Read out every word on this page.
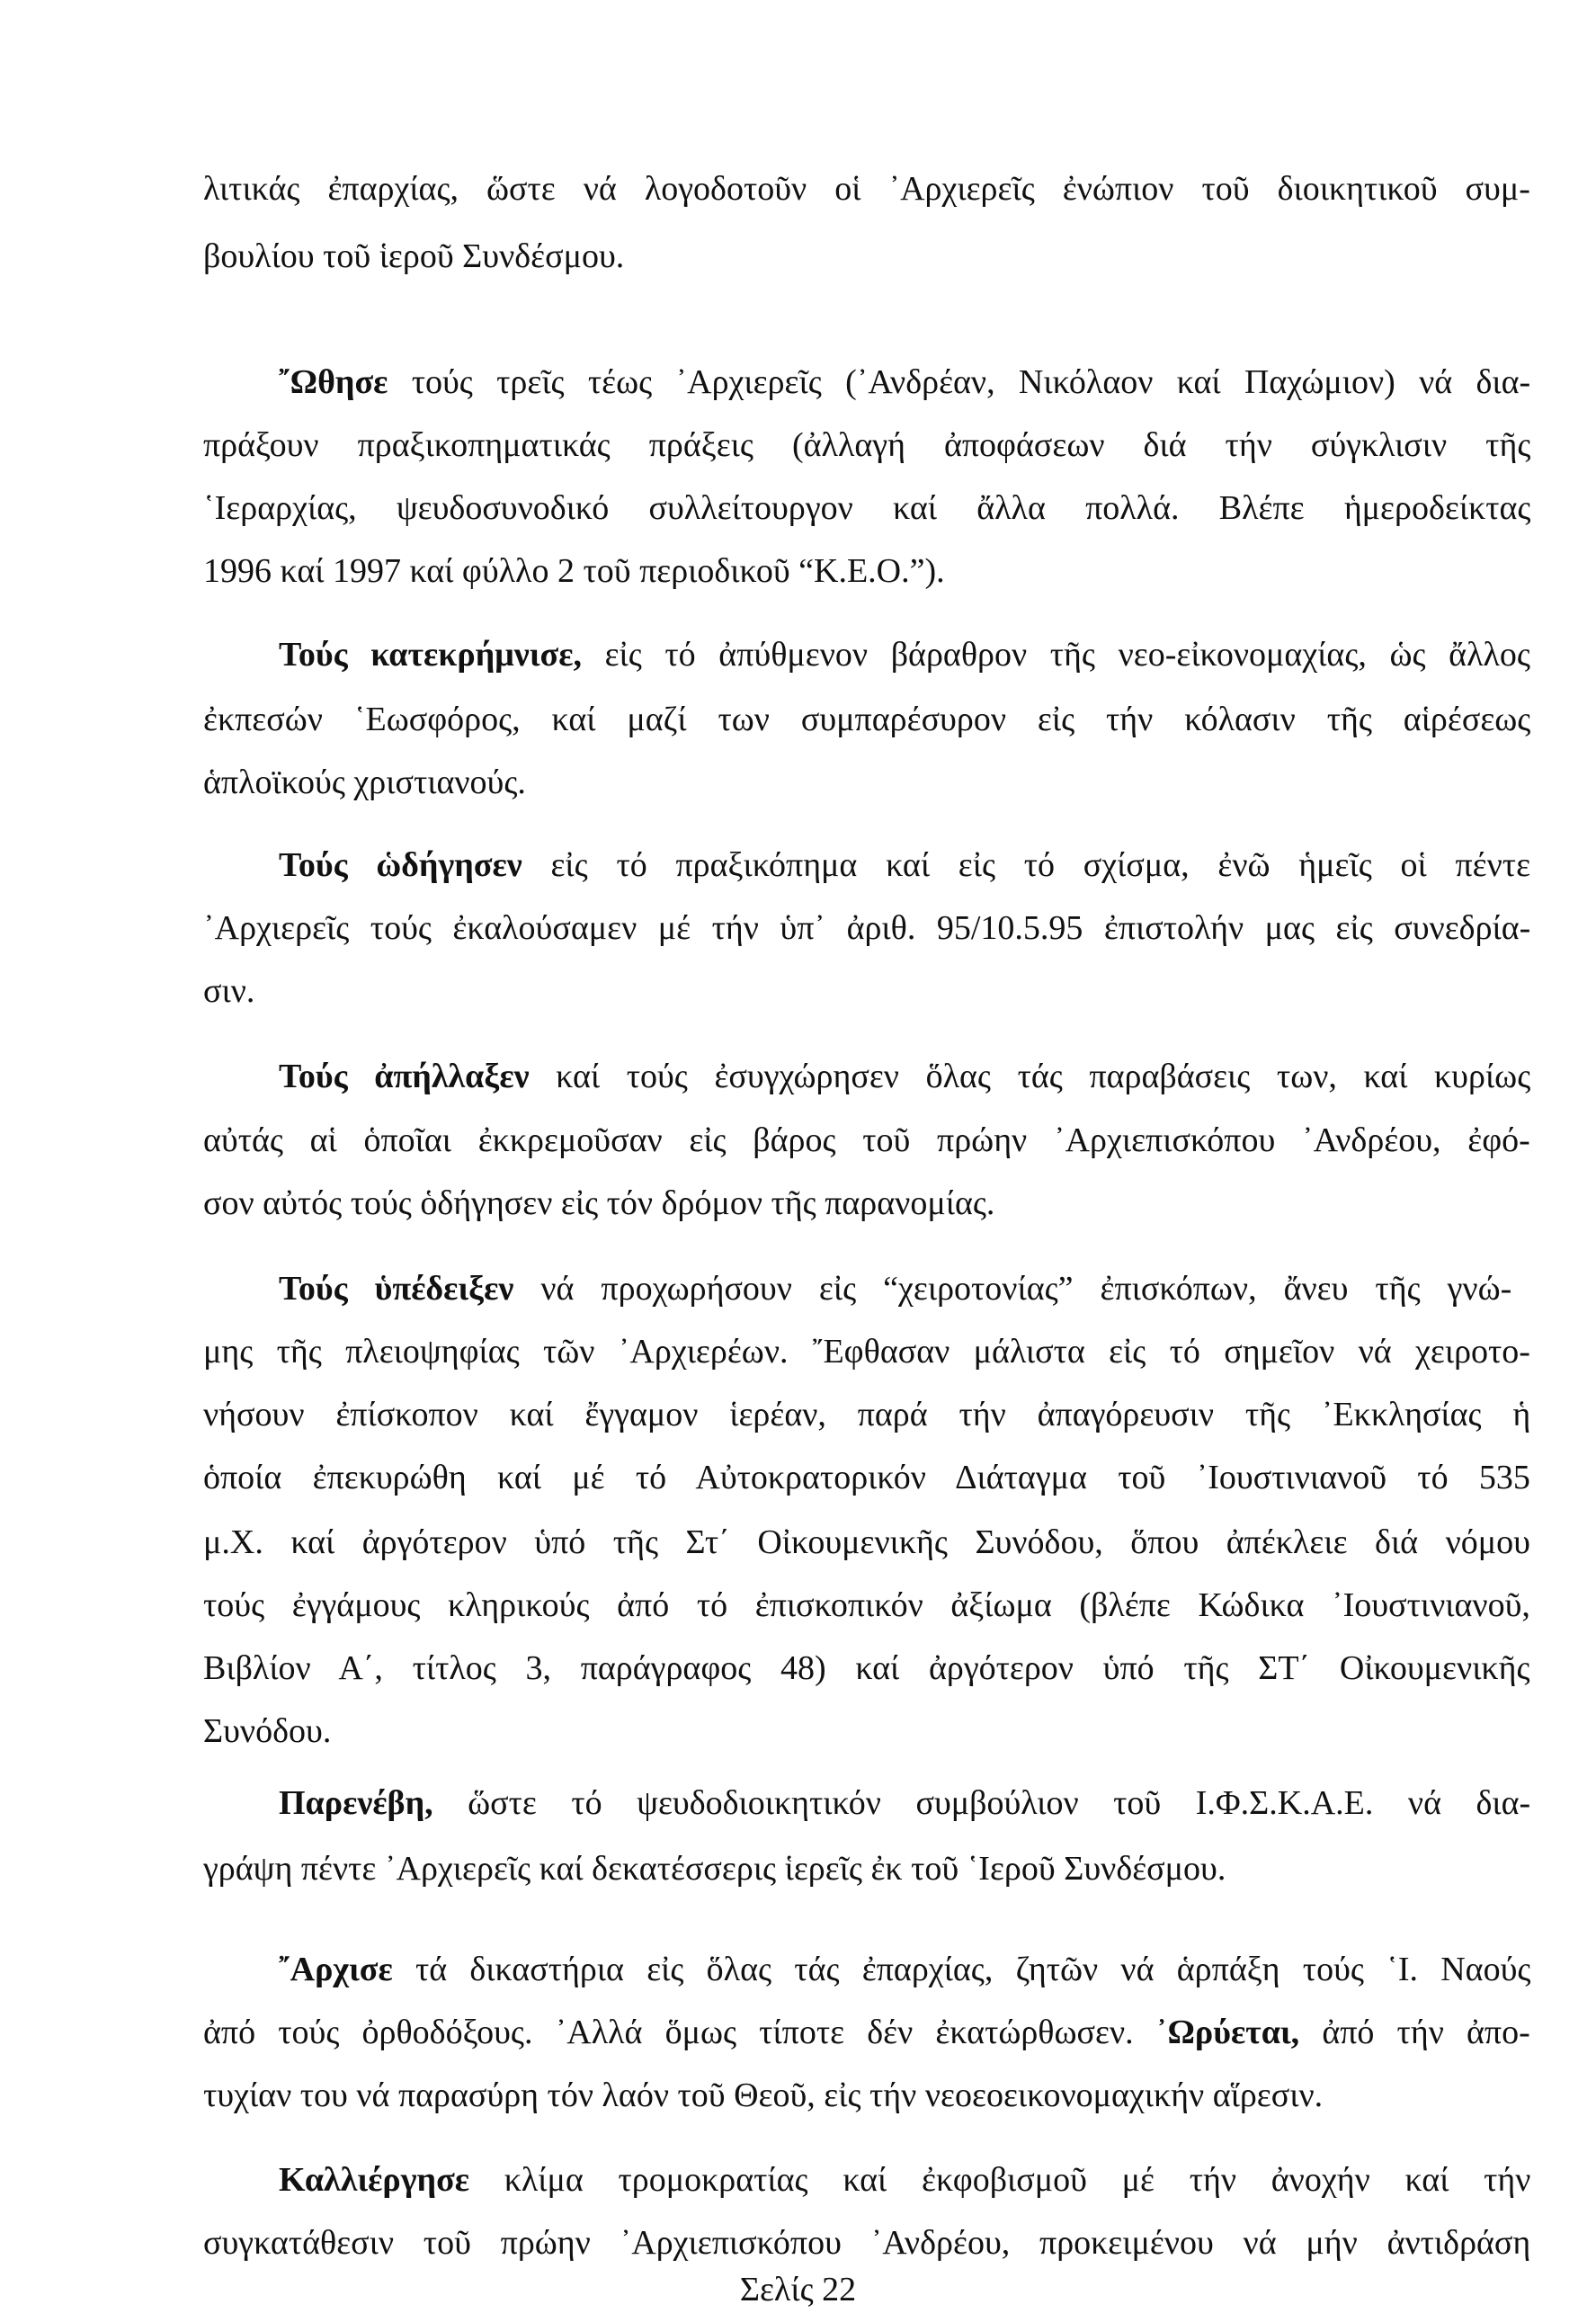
λιτικάς ἐπαρχίας, ὥστε νά λογοδοτοῦν οἱ ᾿Αρχιερεῖς ἐνώπιον τοῦ διοικητικοῦ συμ-
βουλίου τοῦ ἱεροῦ Συνδέσμου.
῎Ωθησε τούς τρεῖς τέως ᾿Αρχιερεῖς (᾿Ανδρέαν, Νικόλαον καί Παχώμιον) νά δια-
πράξουν πραξικοπηματικάς πράξεις (ἀλλαγή ἀποφάσεων διά τήν σύγκλισιν τῆς
῾Ιεραρχίας, ψευδοσυνοδικό συλλείτουργον καί ἄλλα πολλά. Βλέπε ἡμεροδείκτας
1996 καί 1997 καί φύλλο 2 τοῦ περιοδικοῦ “Κ.Ε.Ο.”).
Τούς κατεκρήμνισε, εἰς τό ἀπύθμενον βάραθρον τῆς νεο-εἰκονομαχίας, ὡς ἄλλος
ἐκπεσών ῾Εωσφόρος, καί μαζί των συμπαρέσυρον εἰς τήν κόλασιν τῆς αἱρέσεως
ἁπλοϊκούς χριστιανούς.
Τούς ὡδήγησεν εἰς τό πραξικόπημα καί εἰς τό σχίσμα, ἐνῶ ἡμεῖς οἱ πέντε
᾿Αρχιερεῖς τούς ἐκαλούσαμεν μέ τήν ὑπ᾿ ἀριθ. 95/10.5.95 ἐπιστολήν μας εἰς συνεδρία-
σιν.
Τούς ἀπήλλαξεν καί τούς ἐσυγχώρησεν ὅλας τάς παραβάσεις των, καί κυρίως
αὐτάς αἱ ὁποῖαι ἐκκρεμοῦσαν εἰς βάρος τοῦ πρώην ᾿Αρχιεπισκόπου ᾿Ανδρέου, ἐφό-
σον αὐτός τούς ὁδήγησεν εἰς τόν δρόμον τῆς παρανομίας.
Τούς ὑπέδειξεν νά προχωρήσουν εἰς “χειροτονίας” ἐπισκόπων, ἄνευ τῆς γνώ-
μης τῆς πλειοψηφίας τῶν ᾿Αρχιερέων. ῎Εφθασαν μάλιστα εἰς τό σημεῖον νά χειροτο-
νήσουν ἐπίσκοπον καί ἔγγαμον ἱερέαν, παρά τήν ἀπαγόρευσιν τῆς ᾿Εκκλησίας ἡ
ὁποία ἐπεκυρώθη καί μέ τό Αὐτοκρατορικόν Διάταγμα τοῦ ᾿Ιουστινιανοῦ τό 535
μ.Χ. καί ἀργότερον ὑπό τῆς Στ΄ Οἰκουμενικῆς Συνόδου, ὅπου ἀπέκλειε διά νόμου
τούς ἐγγάμους κληρικούς ἀπό τό ἐπισκοπικόν ἀξίωμα (βλέπε Κώδικα ᾿Ιουστινιανοῦ,
Βιβλίον Α΄, τίτλος 3, παράγραφος 48) καί ἀργότερον ὑπό τῆς ΣΤ΄ Οἰκουμενικῆς
Συνόδου.
Παρενέβη, ὥστε τό ψευδοδιοικητικόν συμβούλιον τοῦ Ι.Φ.Σ.Κ.Α.Ε. νά δια-
γράψη πέντε ᾿Αρχιερεῖς καί δεκατέσσερις ἱερεῖς ἐκ τοῦ ῾Ιεροῦ Συνδέσμου.
῎Αρχισε τά δικαστήρια εἰς ὅλας τάς ἐπαρχίας, ζητῶν νά ἁρπάξη τούς ῾Ι. Ναούς
ἀπό τούς ὀρθοδόξους. ᾿Αλλά ὅμως τίποτε δέν ἐκατώρθωσεν. ᾿Ωρύεται, ἀπό τήν ἀπο-
τυχίαν του νά παρασύρη τόν λαόν τοῦ Θεοῦ, εἰς τήν νεοεοεικονομαχικήν αἵρεσιν.
Καλλιέργησε κλίμα τρομοκρατίας καί ἐκφοβισμοῦ μέ τήν ἀνοχήν καί τήν
συγκατάθεσιν τοῦ πρώην ᾿Αρχιεπισκόπου ᾿Ανδρέου, προκειμένου νά μήν ἀντιδράση
Σελίς 22
